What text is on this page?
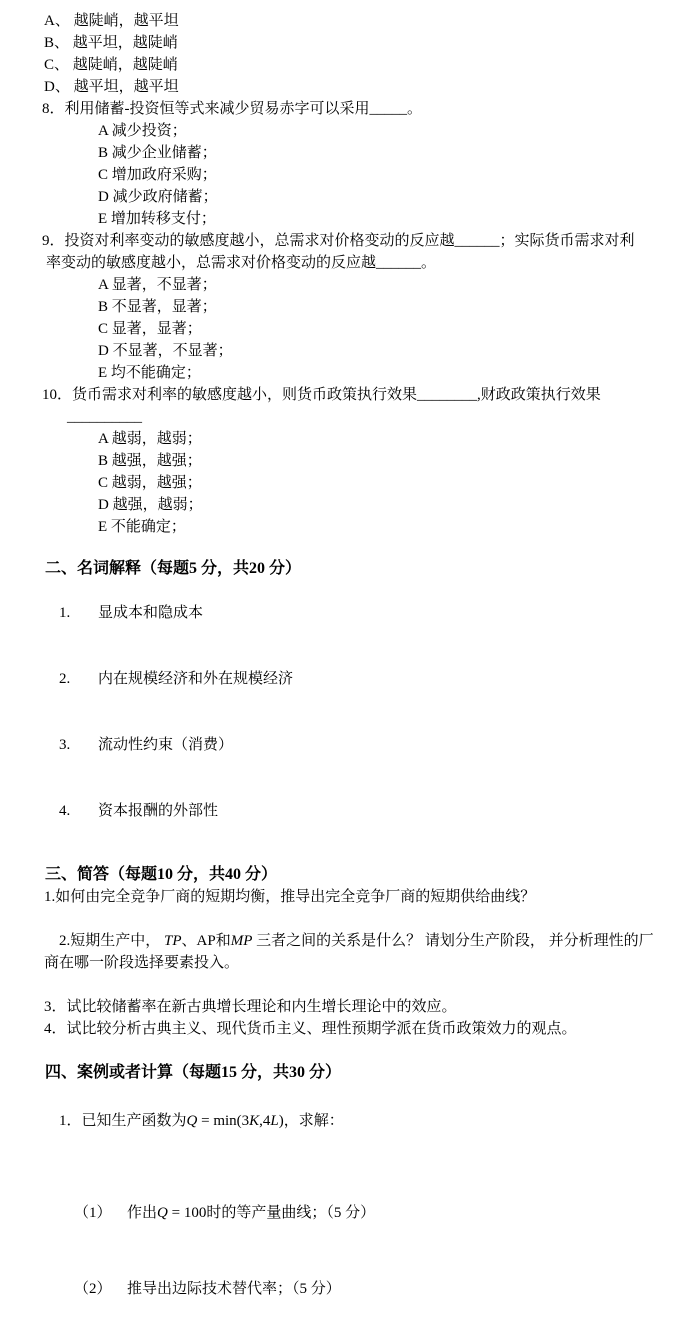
A、 越陡峭，越平坦
B、 越平坦，越陡峭
C、 越陡峭，越陡峭
D、 越平坦，越平坦
8．利用储蓄-投资恒等式来减少贸易赤字可以采用_____。
A 减少投资；
B 减少企业储蓄；
C 增加政府采购；
D 减少政府储蓄；
E 增加转移支付；
9．投资对利率变动的敏感度越小，总需求对价格变动的反应越______；实际货币需求对利
率变动的敏感度越小，总需求对价格变动的反应越______。
A 显著，不显著；
B 不显著，显著；
C 显著，显著；
D 不显著，不显著；
E 均不能确定；
10．货币需求对利率的敏感度越小，则货币政策执行效果________,财政政策执行效果
__________
A 越弱，越弱；
B 越强，越强；
C 越弱，越强；
D 越强，越弱；
E 不能确定；
二、名词解释（每题5 分，共20 分）

1. 显成本和隐成本

2. 内在规模经济和外在规模经济

3. 流动性约束（消费）

4. 资本报酬的外部性

三、简答（每题10 分，共40 分）
1.如何由完全竞争厂商的短期均衡，推导出完全竞争厂商的短期供给曲线？

2.短期生产中， TP、AP和MP 三者之间的关系是什么？ 请划分生产阶段， 并分析理性的厂商在哪一阶段选择要素投入。

3．试比较储蓄率在新古典增长理论和内生增长理论中的效应。
4．试比较分析古典主义、现代货币主义、理性预期学派在货币政策效力的观点。
四、案例或者计算（每题15 分，共30 分）

1．已知生产函数为Q = min(3K,4L)，求解：

（1） 作出Q = 100时的等产量曲线；（5 分）

（2） 推导出边际技术替代率；（5 分）
